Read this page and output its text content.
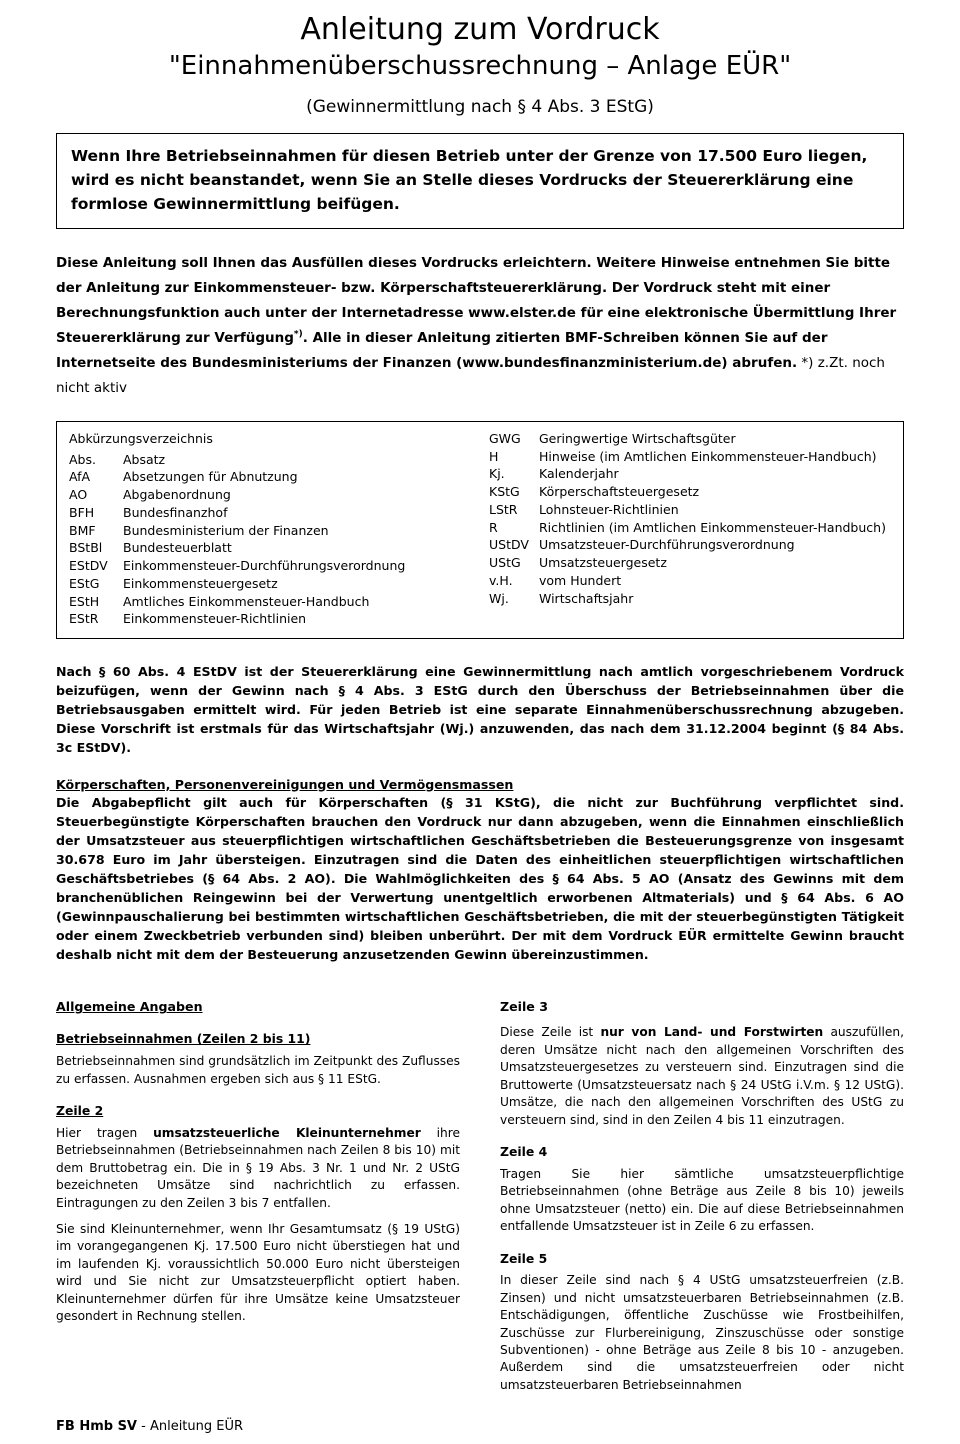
Anleitung zum Vordruck
"Einnahmenüberschussrechnung – Anlage EÜR"
(Gewinnermittlung nach § 4 Abs. 3 EStG)

Wenn Ihre Betriebseinnahmen für diesen Betrieb unter der Grenze von 17.500 Euro liegen, wird es nicht beanstandet, wenn Sie an Stelle dieses Vordrucks der Steuererklärung eine formlose Gewinnermittlung beifügen.

Diese Anleitung soll Ihnen das Ausfüllen dieses Vordrucks erleichtern. Weitere Hinweise entnehmen Sie bitte der Anleitung zur Einkommensteuer- bzw. Körperschaftsteuererklärung. Der Vordruck steht mit einer Berechnungsfunktion auch unter der Internetadresse www.elster.de für eine elektronische Übermittlung Ihrer Steuererklärung zur Verfügung*). Alle in dieser Anleitung zitierten BMF-Schreiben können Sie auf der Internetseite des Bundesministeriums der Finanzen (www.bundesfinanzministerium.de) abrufen. *) z.Zt. noch nicht aktiv
Abkürzungsverzeichnis
Abs.	Absatz
AfA	Absetzungen für Abnutzung
AO	Abgabenordnung
BFH	Bundesfinanzhof
BMF	Bundesministerium der Finanzen
BStBl	Bundesteuerblatt
EStDV	Einkommensteuer-Durchführungsverordnung
EStG	Einkommensteuergesetz
EStH	Amtliches Einkommensteuer-Handbuch
EStR	Einkommensteuer-Richtlinien
GWG	Geringwertige Wirtschaftsgüter
H	Hinweise (im Amtlichen Einkommensteuer-Handbuch)
Kj.	Kalenderjahr
KStG	Körperschaftsteuergesetz
LStR	Lohnsteuer-Richtlinien
R	Richtlinien (im Amtlichen Einkommensteuer-Handbuch)
UStDV Umsatzsteuer-Durchführungsverordnung
UStG	Umsatzsteuergesetz
v.H.	vom Hundert
Wj.	Wirtschaftsjahr

Nach § 60 Abs. 4 EStDV ist der Steuererklärung eine Gewinnermittlung nach amtlich vorgeschriebenem Vordruck beizufügen, wenn der Gewinn nach § 4 Abs. 3 EStG durch den Überschuss der Betriebseinnahmen über die Betriebsausgaben ermittelt wird. Für jeden Betrieb ist eine separate Einnahmenüberschussrechnung abzugeben. Diese Vorschrift ist erstmals für das Wirtschaftsjahr (Wj.) anzuwenden, das nach dem 31.12.2004 beginnt (§ 84 Abs. 3c EStDV).

Körperschaften, Personenvereinigungen und Vermögensmassen

Die Abgabepflicht gilt auch für Körperschaften (§ 31 KStG), die nicht zur Buchführung verpflichtet sind. Steuerbegünstigte Körperschaften brauchen den Vordruck nur dann abzugeben, wenn die Einnahmen einschließlich der Umsatzsteuer aus steuerpflichtigen wirtschaftlichen Geschäftsbetrieben die Besteuerungsgrenze von insgesamt 30.678 Euro im Jahr übersteigen. Einzutragen sind die Daten des einheitlichen steuerpflichtigen wirtschaftlichen Geschäftsbetriebes (§ 64 Abs. 2 AO). Die Wahlmöglichkeiten des § 64 Abs. 5 AO (Ansatz des Gewinns mit dem branchenüblichen Reingewinn bei der Verwertung unentgeltlich erworbenen Altmaterials) und § 64 Abs. 6 AO (Gewinnpauschalierung bei bestimmten wirtschaftlichen Geschäftsbetrieben, die mit der steuerbegünstigten Tätigkeit oder einem Zweckbetrieb verbunden sind) bleiben unberührt. Der mit dem Vordruck EÜR ermittelte Gewinn braucht deshalb nicht mit dem der Besteuerung anzusetzenden Gewinn übereinzustimmen.

Allgemeine Angaben
Betriebseinnahmen (Zeilen 2 bis 11)

Betriebseinnahmen sind grundsätzlich im Zeitpunkt des Zuflusses zu erfassen. Ausnahmen ergeben sich aus § 11 EStG.

Zeile 2

Hier tragen umsatzsteuerliche Kleinunternehmer ihre Betriebseinnahmen (Betriebseinnahmen nach Zeilen 8 bis 10) mit dem Bruttobetrag ein. Die in § 19 Abs. 3 Nr. 1 und Nr. 2 UStG bezeichneten Umsätze sind nachrichtlich zu erfassen. Eintragungen zu den Zeilen 3 bis 7 entfallen.

Sie sind Kleinunternehmer, wenn Ihr Gesamtumsatz (§ 19 UStG) im vorangegangenen Kj. 17.500 Euro nicht überstiegen hat und im laufenden Kj. voraussichtlich 50.000 Euro nicht übersteigen wird und Sie nicht zur Umsatzsteuerpflicht optiert haben. Kleinunternehmer dürfen für ihre Umsätze keine Umsatzsteuer gesondert in Rechnung stellen.

Zeile 3

Diese Zeile ist nur von Land- und Forstwirten auszufüllen, deren Umsätze nicht nach den allgemeinen Vorschriften des Umsatzsteuergesetzes zu versteuern sind. Einzutragen sind die Bruttowerte (Umsatzsteuersatz nach § 24 UStG i.V.m. § 12 UStG). Umsätze, die nach den allgemeinen Vorschriften des UStG zu versteuern sind, sind in den Zeilen 4 bis 11 einzutragen.

Zeile 4

Tragen Sie hier sämtliche umsatzsteuerpflichtige Betriebseinnahmen (ohne Beträge aus Zeile 8 bis 10) jeweils ohne Umsatzsteuer (netto) ein. Die auf diese Betriebseinnahmen entfallende Umsatzsteuer ist in Zeile 6 zu erfassen.

Zeile 5

In dieser Zeile sind nach § 4 UStG umsatzsteuerfreien (z.B. Zinsen) und nicht umsatzsteuerbaren Betriebseinnahmen (z.B. Entschädigungen, öffentliche Zuschüsse wie Frostbeihilfen, Zuschüsse zur Flurbereinigung, Zinszuschüsse oder sonstige Subventionen) - ohne Beträge aus Zeile 8 bis 10 - anzugeben. Außerdem sind die umsatzsteuerfreien oder nicht umsatzsteuerbaren Betriebseinnahmen

FB Hmb SV - Anleitung EÜR
